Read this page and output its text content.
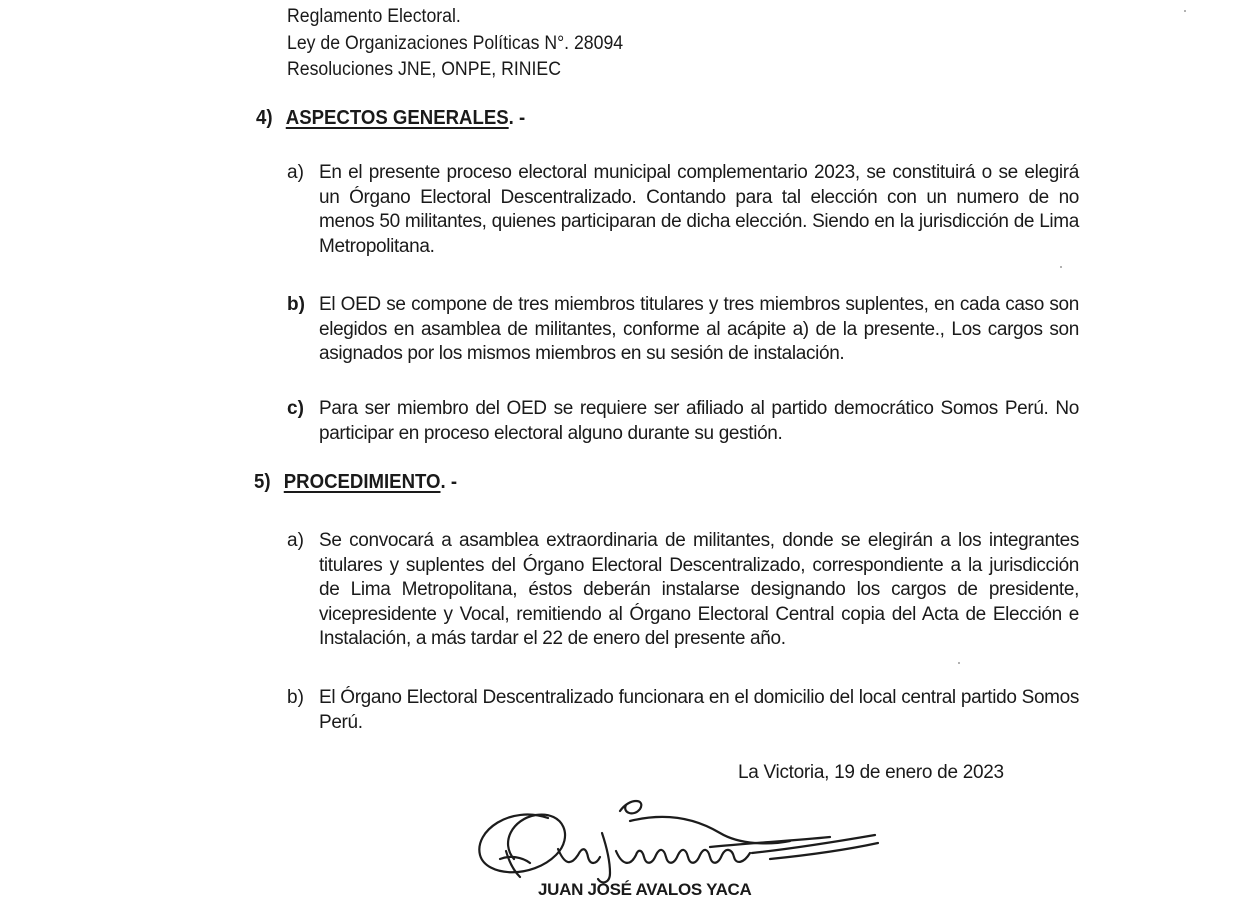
Reglamento Electoral.
Ley de Organizaciones Políticas N°. 28094
Resoluciones JNE, ONPE, RINIEC
4) ASPECTOS GENERALES. -
a) En el presente proceso electoral municipal complementario 2023, se constituirá o se elegirá un Órgano Electoral Descentralizado. Contando para tal elección con un numero de no menos 50 militantes, quienes participaran de dicha elección. Siendo en la jurisdicción de Lima Metropolitana.
b) El OED se compone de tres miembros titulares y tres miembros suplentes, en cada caso son elegidos en asamblea de militantes, conforme al acápite a) de la presente., Los cargos son asignados por los mismos miembros en su sesión de instalación.
c) Para ser miembro del OED se requiere ser afiliado al partido democrático Somos Perú. No participar en proceso electoral alguno durante su gestión.
5) PROCEDIMIENTO. -
a) Se convocará a asamblea extraordinaria de militantes, donde se elegirán a los integrantes titulares y suplentes del Órgano Electoral Descentralizado, correspondiente a la jurisdicción de Lima Metropolitana, éstos deberán instalarse designando los cargos de presidente, vicepresidente y Vocal, remitiendo al Órgano Electoral Central copia del Acta de Elección e Instalación, a más tardar el 22 de enero del presente año.
b) El Órgano Electoral Descentralizado funcionara en el domicilio del local central partido Somos Perú.
La Victoria, 19 de enero de 2023
JUAN JOSÉ AVALOS YACA
